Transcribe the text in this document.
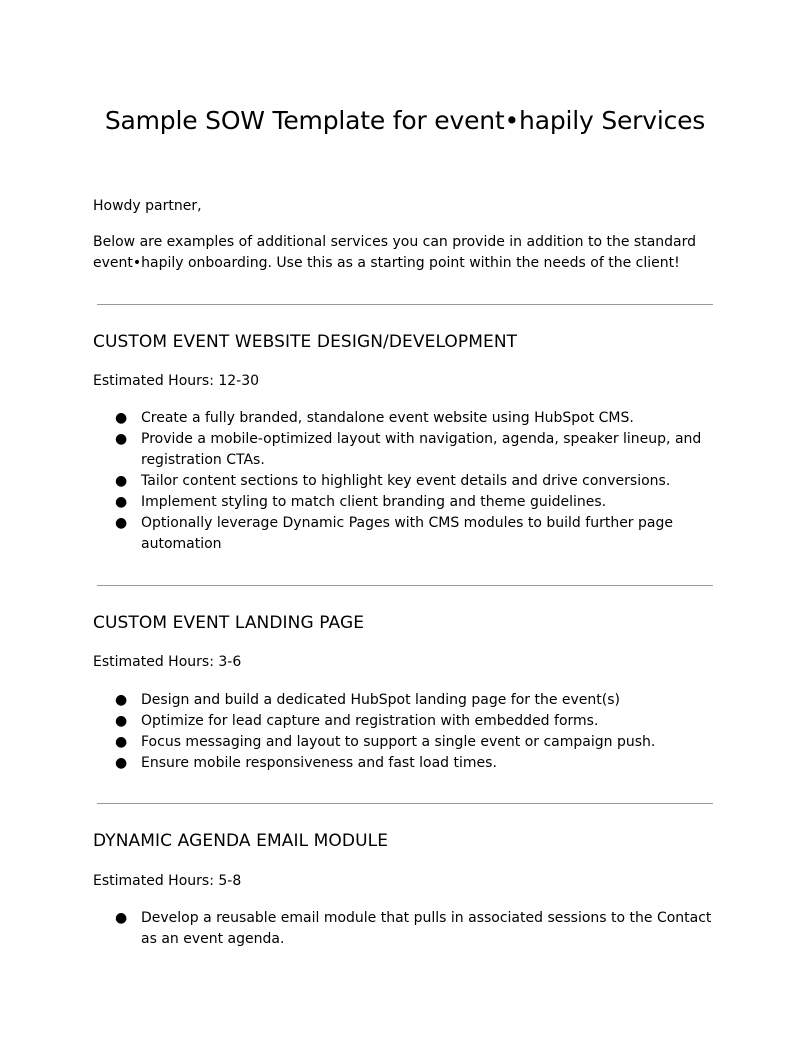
Sample SOW Template for event•hapily Services

Howdy partner,

Below are examples of additional services you can provide in addition to the standard event•hapily onboarding. Use this as a starting point within the needs of the client!

CUSTOM EVENT WEBSITE DESIGN/DEVELOPMENT

Estimated Hours: 12-30

● Create a fully branded, standalone event website using HubSpot CMS.
● Provide a mobile-optimized layout with navigation, agenda, speaker lineup, and registration CTAs.
● Tailor content sections to highlight key event details and drive conversions.
● Implement styling to match client branding and theme guidelines.
● Optionally leverage Dynamic Pages with CMS modules to build further page automation
CUSTOM EVENT LANDING PAGE

Estimated Hours: 3-6

● Design and build a dedicated HubSpot landing page for the event(s)
● Optimize for lead capture and registration with embedded forms.
● Focus messaging and layout to support a single event or campaign push.
● Ensure mobile responsiveness and fast load times.
DYNAMIC AGENDA EMAIL MODULE

Estimated Hours: 5-8

● Develop a reusable email module that pulls in associated sessions to the Contact as an event agenda.
